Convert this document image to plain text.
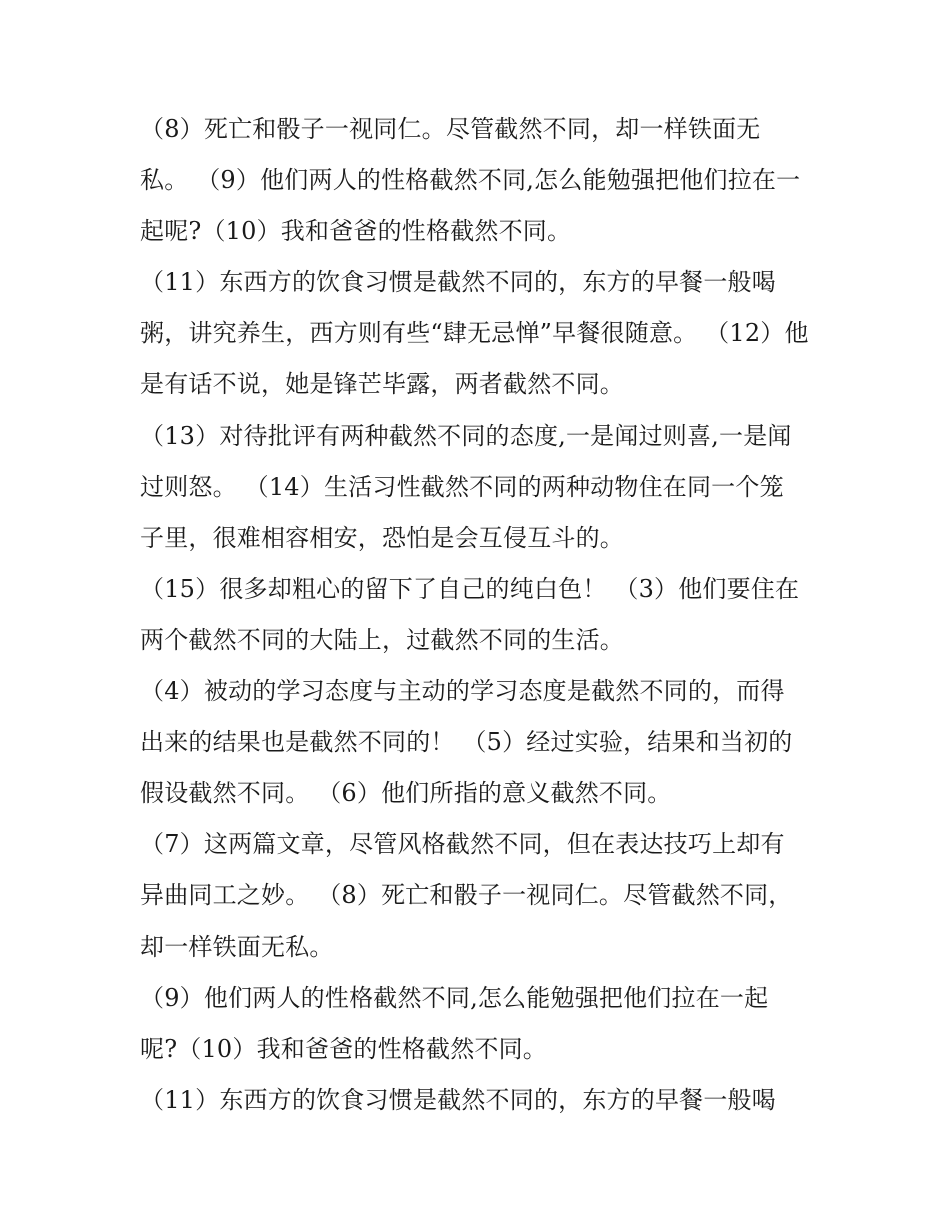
（8）死亡和骰子一视同仁。尽管截然不同，却一样铁面无
私。 （9）他们两人的性格截然不同,怎么能勉强把他们拉在一
起呢?（10）我和爸爸的性格截然不同。
（11）东西方的饮食习惯是截然不同的，东方的早餐一般喝
粥，讲究养生，西方则有些“肆无忌惮”早餐很随意。 （12）他
是有话不说，她是锋芒毕露，两者截然不同。
（13）对待批评有两种截然不同的态度,一是闻过则喜,一是闻
过则怒。 （14）生活习性截然不同的两种动物住在同一个笼
子里，很难相容相安，恐怕是会互侵互斗的。
（15）很多却粗心的留下了自己的纯白色！ （3）他们要住在
两个截然不同的大陆上，过截然不同的生活。
（4）被动的学习态度与主动的学习态度是截然不同的，而得
出来的结果也是截然不同的！ （5）经过实验，结果和当初的
假设截然不同。 （6）他们所指的意义截然不同。
（7）这两篇文章，尽管风格截然不同，但在表达技巧上却有
异曲同工之妙。 （8）死亡和骰子一视同仁。尽管截然不同，
却一样铁面无私。
（9）他们两人的性格截然不同,怎么能勉强把他们拉在一起
呢?（10）我和爸爸的性格截然不同。
（11）东西方的饮食习惯是截然不同的，东方的早餐一般喝
